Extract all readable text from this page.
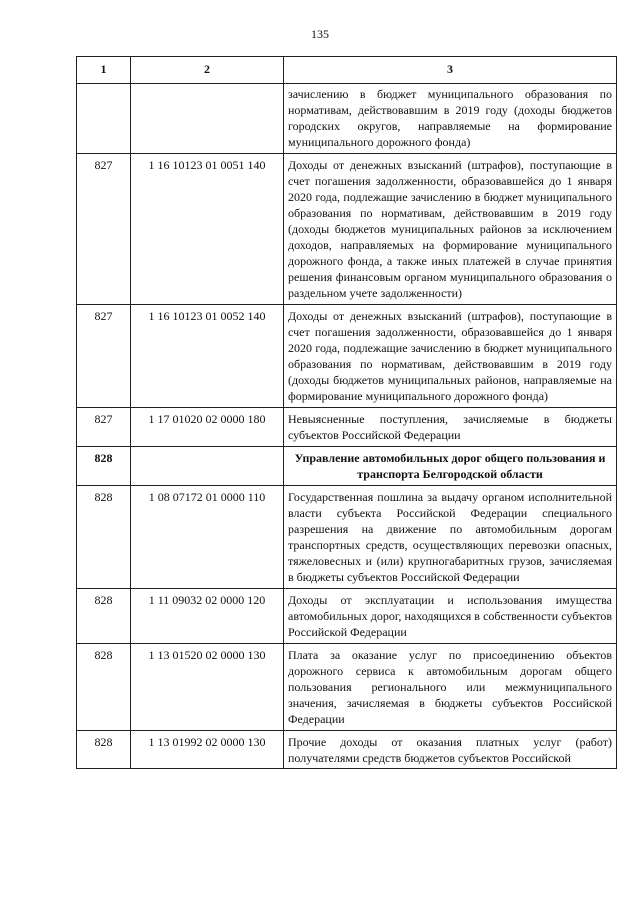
135
1	2	3
		зачислению в бюджет муниципального образования по нормативам, действовавшим в 2019 году (доходы бюджетов городских округов, направляемые на формирование муниципального дорожного фонда)
827	1 16 10123 01 0051 140	Доходы от денежных взысканий (штрафов), поступающие в счет погашения задолженности, образовавшейся до 1 января 2020 года, подлежащие зачислению в бюджет муниципального образования по нормативам, действовавшим в 2019 году (доходы бюджетов муниципальных районов за исключением доходов, направляемых на формирование муниципального дорожного фонда, а также иных платежей в случае принятия решения финансовым органом муниципального образования о раздельном учете задолженности)
827	1 16 10123 01 0052 140	Доходы от денежных взысканий (штрафов), поступающие в счет погашения задолженности, образовавшейся до 1 января 2020 года, подлежащие зачислению в бюджет муниципального образования по нормативам, действовавшим в 2019 году (доходы бюджетов муниципальных районов, направляемые на формирование муниципального дорожного фонда)
827	1 17 01020 02 0000 180	Невыясненные поступления, зачисляемые в бюджеты субъектов Российской Федерации
828		Управление автомобильных дорог общего пользования и транспорта Белгородской области
828	1 08 07172 01 0000 110	Государственная пошлина за выдачу органом исполнительной власти субъекта Российской Федерации специального разрешения на движение по автомобильным дорогам транспортных средств, осуществляющих перевозки опасных, тяжеловесных и (или) крупногабаритных грузов, зачисляемая в бюджеты субъектов Российской Федерации
828	1 11 09032 02 0000 120	Доходы от эксплуатации и использования имущества автомобильных дорог, находящихся в собственности субъектов Российской Федерации
828	1 13 01520 02 0000 130	Плата за оказание услуг по присоединению объектов дорожного сервиса к автомобильным дорогам общего пользования регионального или межмуниципального значения, зачисляемая в бюджеты субъектов Российской Федерации
828	1 13 01992 02 0000 130	Прочие доходы от оказания платных услуг (работ) получателями средств бюджетов субъектов Российской
